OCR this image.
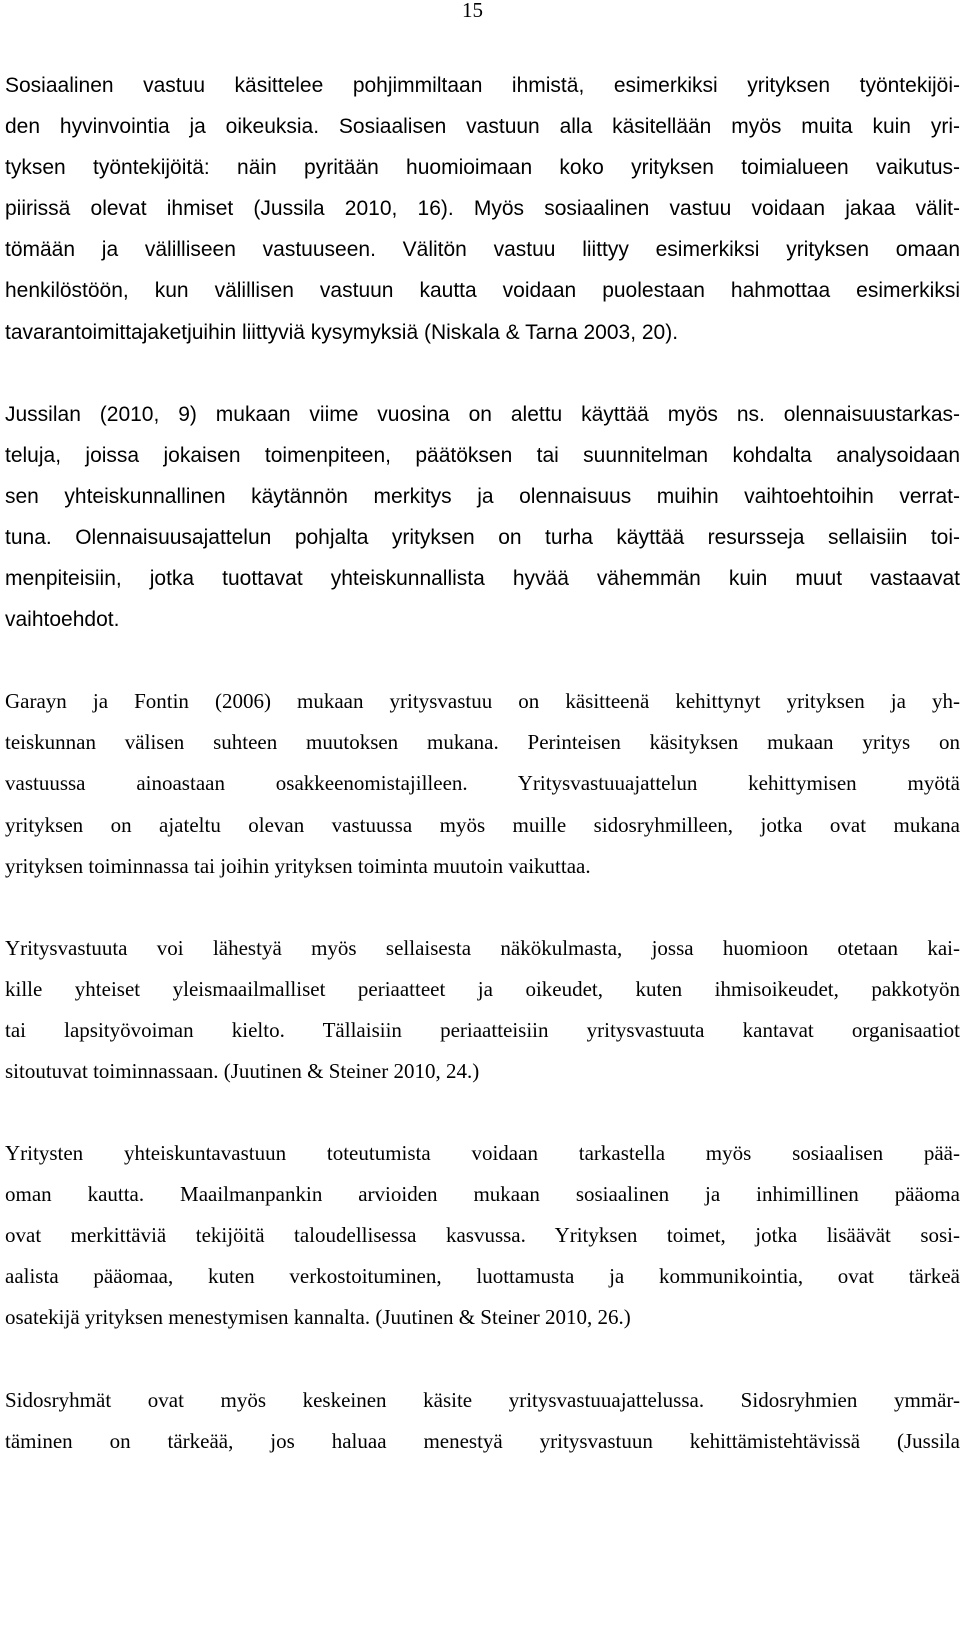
15

Sosiaalinen vastuu käsittelee pohjimmiltaan ihmistä, esimerkiksi yrityksen työntekijöi-
den hyvinvointia ja oikeuksia. Sosiaalisen vastuun alla käsitellään myös muita kuin yri-
tyksen työntekijöitä: näin pyritään huomioimaan koko yrityksen toimialueen vaikutus-
piirissä olevat ihmiset (Jussila 2010, 16). Myös sosiaalinen vastuu voidaan jakaa välit-
tömään ja välilliseen vastuuseen. Välitön vastuu liittyy esimerkiksi yrityksen omaan
henkilöstöön, kun välillisen vastuun kautta voidaan puolestaan hahmottaa esimerkiksi
tavarantoimittajaketjuihin liittyviä kysymyksiä (Niskala & Tarna 2003, 20).

Jussilan (2010, 9) mukaan viime vuosina on alettu käyttää myös ns. olennaisuustarkas-
teluja, joissa jokaisen toimenpiteen, päätöksen tai suunnitelman kohdalta analysoidaan
sen yhteiskunnallinen käytännön merkitys ja olennaisuus muihin vaihtoehtoihin verrat-
tuna. Olennaisuusajattelun pohjalta yrityksen on turha käyttää resursseja sellaisiin toi-
menpiteisiin, jotka tuottavat yhteiskunnallista hyvää vähemmän kuin muut vastaavat
vaihtoehdot.

Garayn ja Fontin (2006) mukaan yritysvastuu on käsitteenä kehittynyt yrityksen ja yh-
teiskunnan välisen suhteen muutoksen mukana. Perinteisen käsityksen mukaan yritys on
vastuussa ainoastaan osakkeenomistajilleen. Yritysvastuuajattelun kehittymisen myötä
yrityksen on ajateltu olevan vastuussa myös muille sidosryhmilleen, jotka ovat mukana
yrityksen toiminnassa tai joihin yrityksen toiminta muutoin vaikuttaa.

Yritysvastuuta voi lähestyä myös sellaisesta näkökulmasta, jossa huomioon otetaan kai-
kille yhteiset yleismaailmalliset periaatteet ja oikeudet, kuten ihmisoikeudet, pakkotyön
tai lapsityövoiman kielto. Tällaisiin periaatteisiin yritysvastuuta kantavat organisaatiot
sitoutuvat toiminnassaan. (Juutinen & Steiner 2010, 24.)

Yritysten yhteiskuntavastuun toteutumista voidaan tarkastella myös sosiaalisen pää-
oman kautta. Maailmanpankin arvioiden mukaan sosiaalinen ja inhimillinen pääoma
ovat merkittäviä tekijöitä taloudellisessa kasvussa. Yrityksen toimet, jotka lisäävät sosi-
aalista pääomaa, kuten verkostoituminen, luottamusta ja kommunikointia, ovat tärkeä
osatekijä yrityksen menestymisen kannalta. (Juutinen & Steiner 2010, 26.)

Sidosryhmät ovat myös keskeinen käsite yritysvastuuajattelussa. Sidosryhmien ymmär-
täminen on tärkeää, jos haluaa menestyä yritysvastuun kehittämistehtävissä (Jussila
